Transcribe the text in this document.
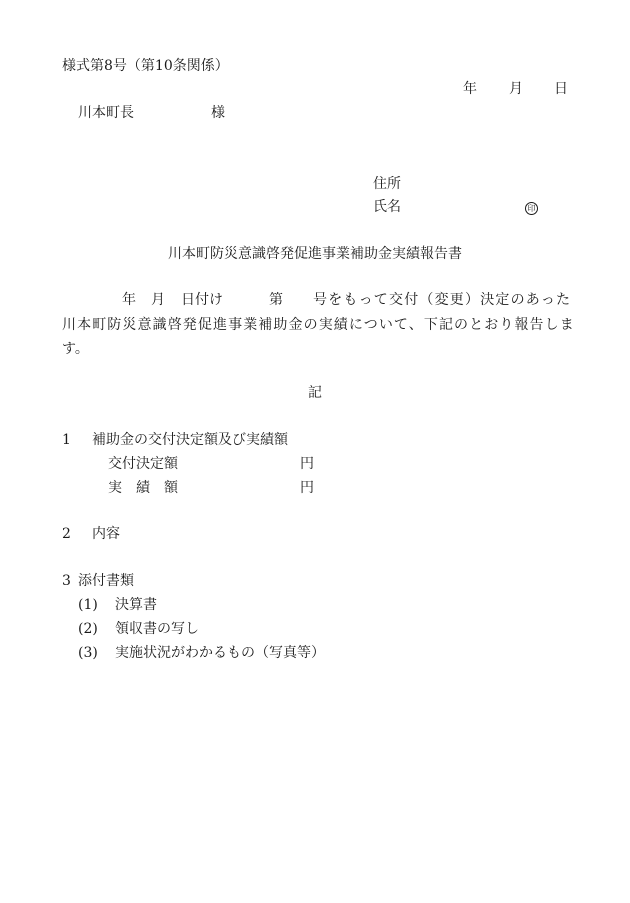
様式第8号（第10条関係）
年 月 日
川本町長	様
住所
氏名	印
川本町防災意識啓発促進事業補助金実績報告書
年 月 日付け	第 号をもって交付（変更）決定のあった
川本町防災意識啓発促進事業補助金の実績について、下記のとおり報告しま
す。
記
1 補助金の交付決定額及び実績額
交付決定額	円
実　績　額	円
2 内容
3 添付書類
(1) 決算書
(2) 領収書の写し
(3) 実施状況がわかるもの（写真等）
